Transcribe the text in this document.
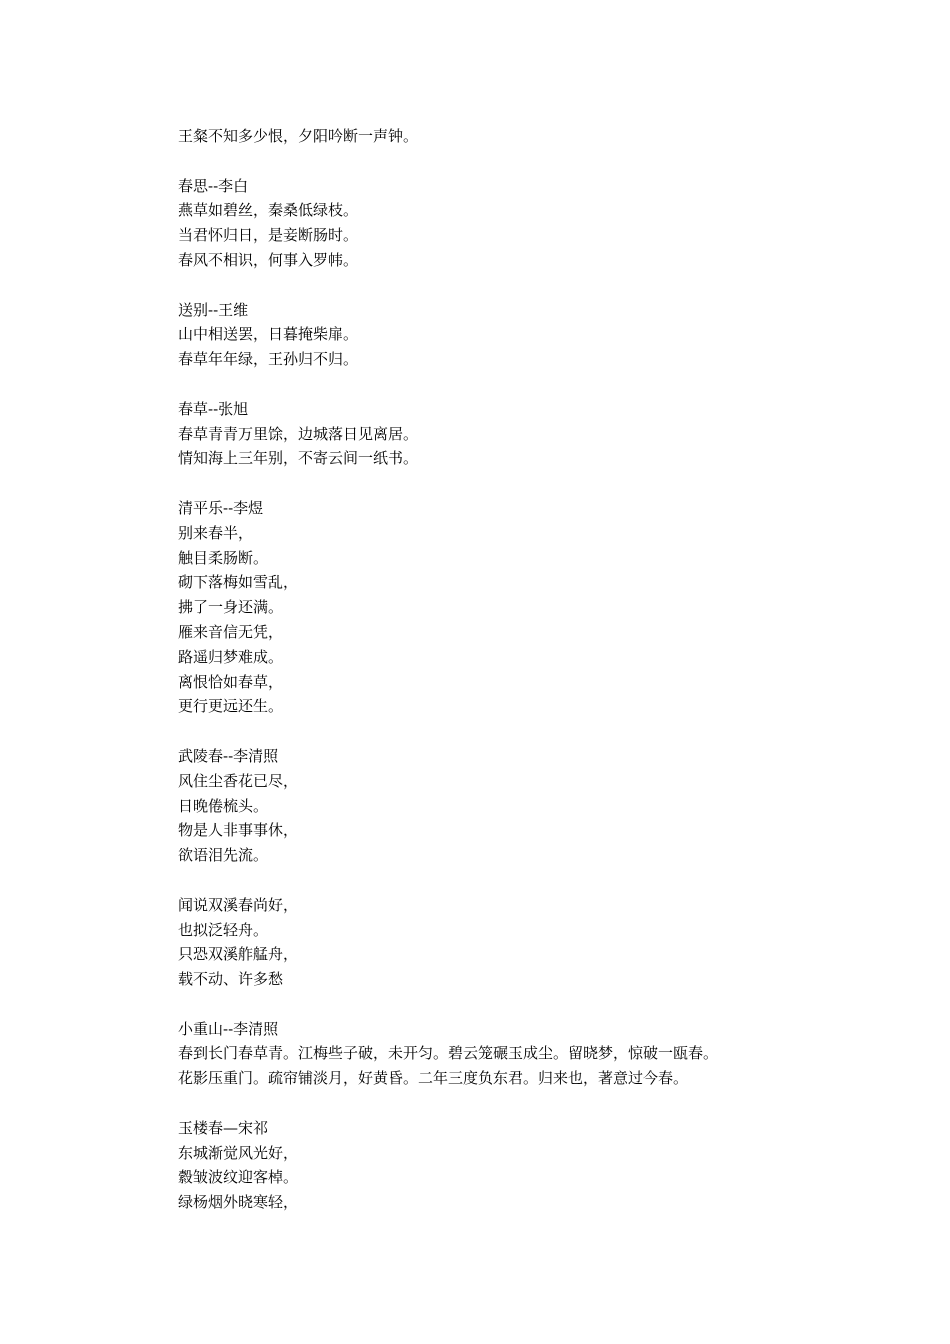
王粲不知多少恨，夕阳吟断一声钟。
春思--李白
燕草如碧丝，秦桑低绿枝。
当君怀归日，是妾断肠时。
春风不相识，何事入罗帏。
送别--王维
山中相送罢，日暮掩柴扉。
春草年年绿，王孙归不归。
春草--张旭
春草青青万里馀，边城落日见离居。
情知海上三年别，不寄云间一纸书。
清平乐--李煜
别来春半，
触目柔肠断。
砌下落梅如雪乱，
拂了一身还满。
雁来音信无凭，
路遥归梦难成。
离恨恰如春草，
更行更远还生。
武陵春--李清照
风住尘香花已尽，
日晚倦梳头。
物是人非事事休，
欲语泪先流。
闻说双溪春尚好，
也拟泛轻舟。
只恐双溪舴艋舟，
载不动、许多愁
小重山--李清照
春到长门春草青。江梅些子破，未开匀。碧云笼碾玉成尘。留晓梦，惊破一瓯春。
花影压重门。疏帘铺淡月，好黄昏。二年三度负东君。归来也，著意过今春。
玉楼春—宋祁
东城渐觉风光好，
縠皱波纹迎客棹。
绿杨烟外晓寒轻，
